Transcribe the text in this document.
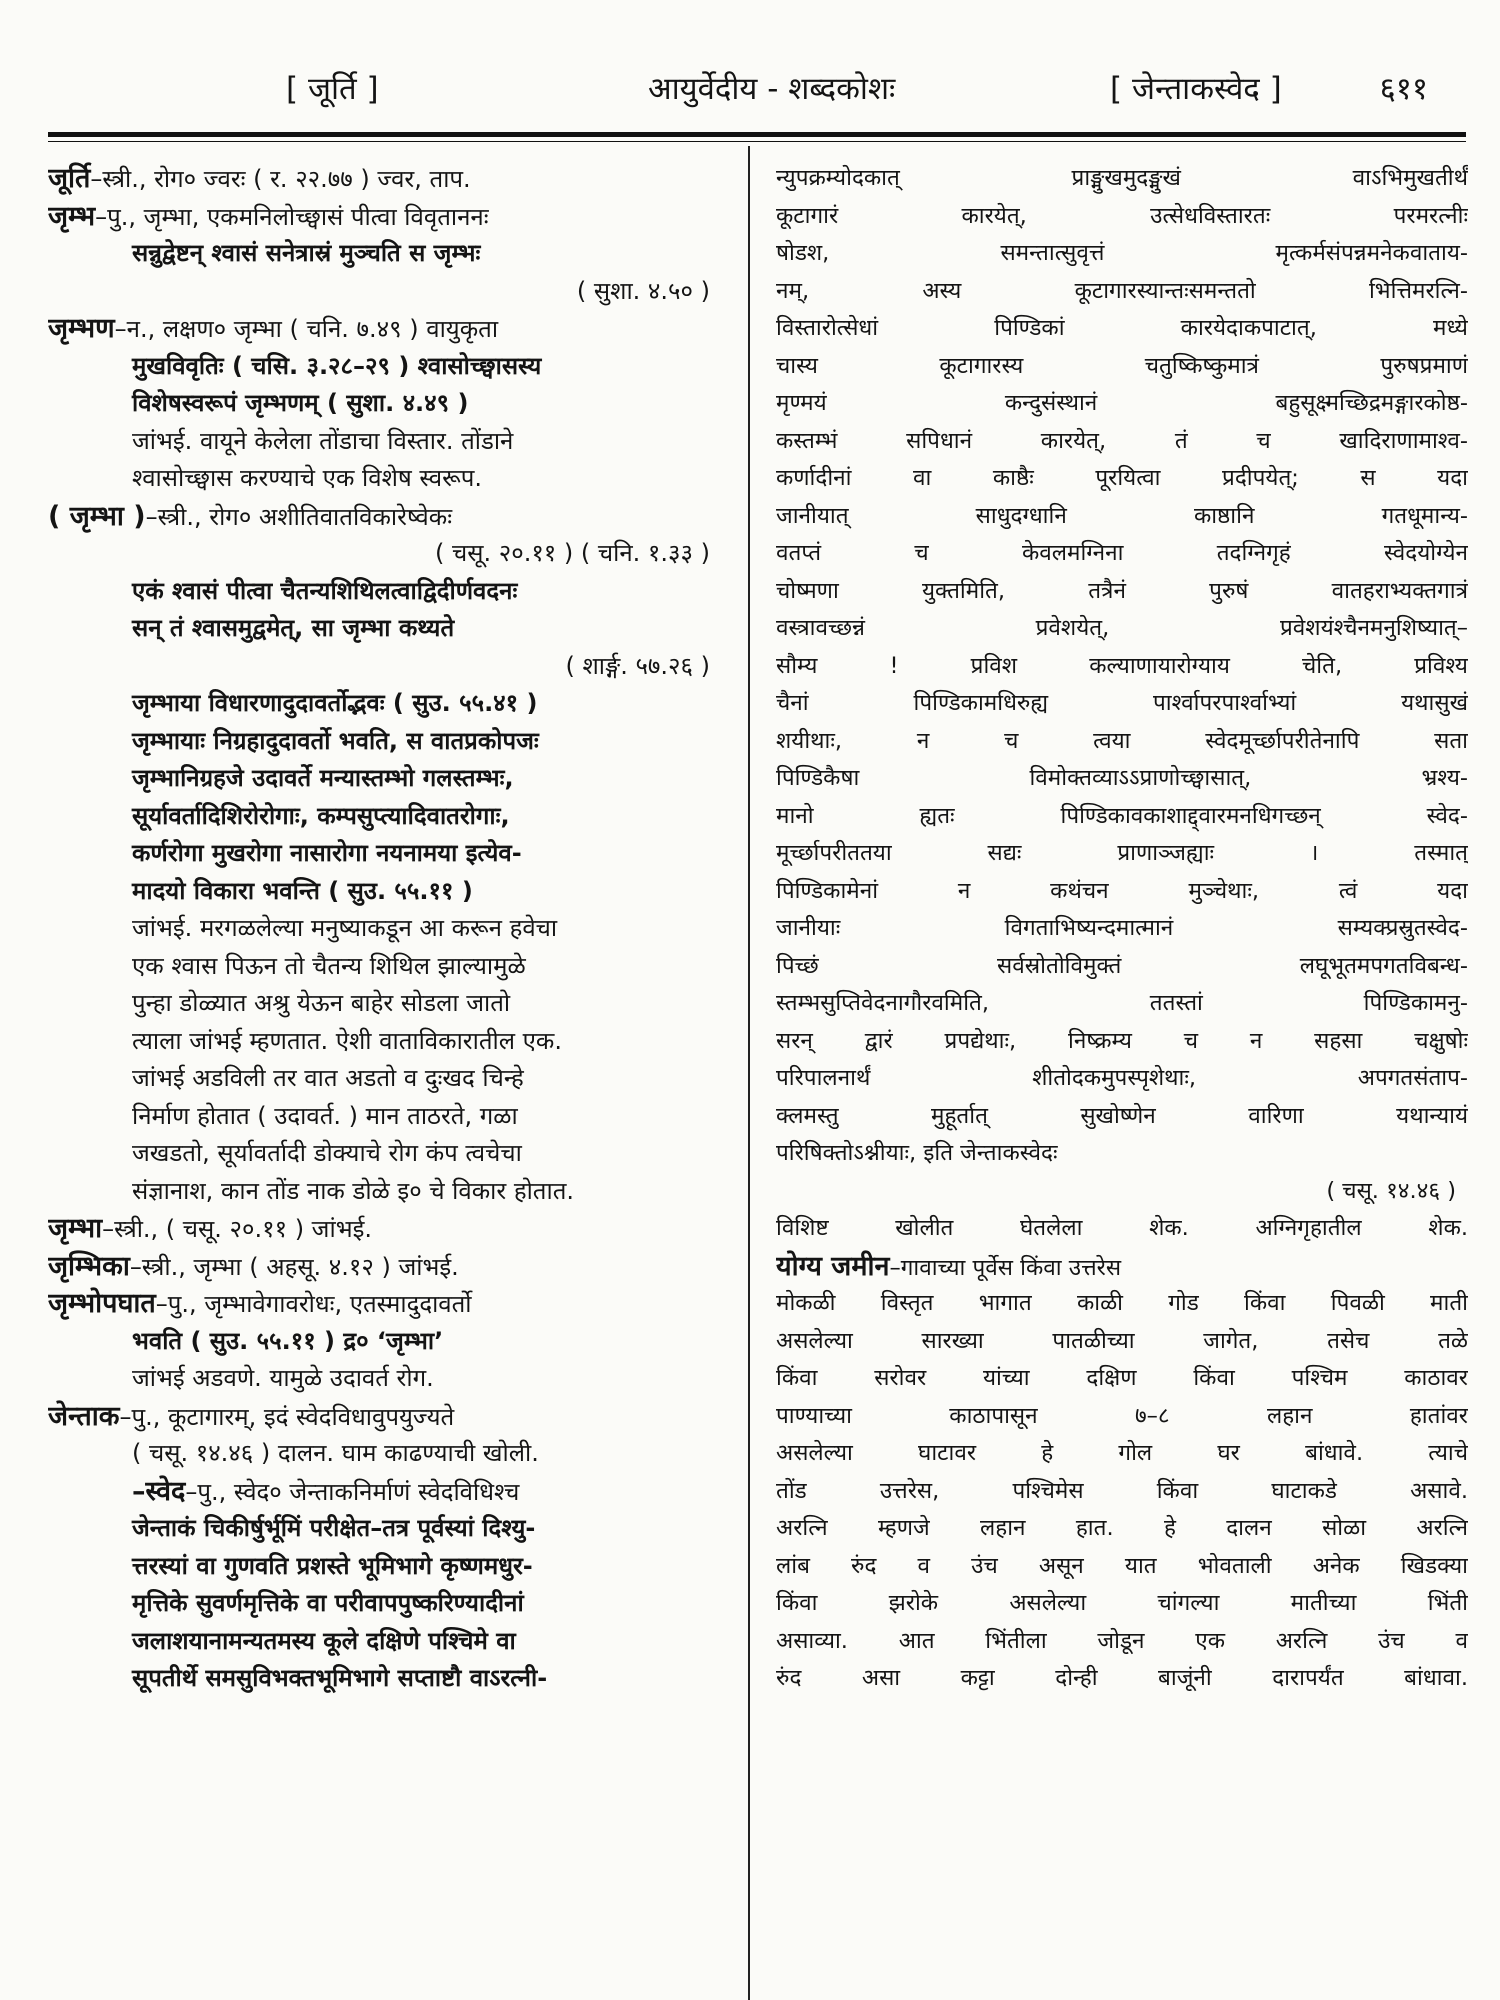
[ जूर्ति ]	आयुर्वेदीय - शब्दकोशः	[ जेन्ताकस्वेद ]	६११
जूर्ति–स्त्री., रोग० ज्वरः ( र. २२.७७ ) ज्वर, ताप.
जृम्भ–पु., जृम्भा, एकमनिलोच्छ्वासं पीत्वा विवृताननः
सन्नुद्वेष्टन् श्वासं सनेत्रास्रं मुञ्चति स जृम्भः
( सुशा. ४.५० )
जृम्भण–न., लक्षण० जृम्भा ( चनि. ७.४९ ) वायुकृता
मुखविवृतिः ( चसि. ३.२८–२९ ) श्वासोच्छ्वासस्य
विशेषस्वरूपं जृम्भणम् ( सुशा. ४.४९ )
जांभई. वायूने केलेला तोंडाचा विस्तार. तोंडाने
श्वासोच्छ्वास करण्याचे एक विशेष स्वरूप.
( जृम्भा )–स्त्री., रोग० अशीतिवातविकारेष्वेकः
( चसू. २०.११ ) ( चनि. १.३३ )
एकं श्वासं पीत्वा चैतन्यशिथिलत्वाद्विदीर्णवदनः
सन् तं श्वासमुद्वमेत्, सा जृम्भा कथ्यते
( शार्ङ्ग. ५७.२६ )
जृम्भाया विधारणादुदावर्तोद्भवः ( सुउ. ५५.४१ )
जृम्भायाः निग्रहादुदावर्तो भवति, स वातप्रकोपजः
जृम्भानिग्रहजे उदावर्ते मन्यास्तम्भो गलस्तम्भः,
सूर्यावर्तादिशिरोरोगाः, कम्पसुप्त्यादिवातरोगाः,
कर्णरोगा मुखरोगा नासारोगा नयनामया इत्येव-
मादयो विकारा भवन्ति ( सुउ. ५५.११ )
जांभई. मरगळलेल्या मनुष्याकडून आ करून हवेचा
एक श्वास पिऊन तो चैतन्य शिथिल झाल्यामुळे
पुन्हा डोळ्यात अश्रु येऊन बाहेर सोडला जातो
त्याला जांभई म्हणतात. ऐशी वाताविकारातील एक.
जांभई अडविली तर वात अडतो व दुःखद चिन्हे
निर्माण होतात ( उदावर्त. ) मान ताठरते, गळा
जखडतो, सूर्यावर्तादी डोक्याचे रोग कंप त्वचेचा
संज्ञानाश, कान तोंड नाक डोळे इ० चे विकार होतात.
जृम्भा–स्त्री., ( चसू. २०.११ ) जांभई.
जृम्भिका–स्त्री., जृम्भा ( अहसू. ४.१२ ) जांभई.
जृम्भोपघात–पु., जृम्भावेगावरोधः, एतस्मादुदावर्तो
भवति ( सुउ. ५५.११ ) द्र० ‘जृम्भा’
जांभई अडवणे. यामुळे उदावर्त रोग.
जेन्ताक–पु., कूटागारम्, इदं स्वेदविधावुपयुज्यते
( चसू. १४.४६ ) दालन. घाम काढण्याची खोली.
–स्वेद–पु., स्वेद० जेन्ताकनिर्माणं स्वेदविधिश्च
जेन्ताकं चिकीर्षुर्भूमिं परीक्षेत–तत्र पूर्वस्यां दिश्यु-
त्तरस्यां वा गुणवति प्रशस्ते भूमिभागे कृष्णमधुर-
मृत्तिके सुवर्णमृत्तिके वा परीवापपुष्करिण्यादीनां
जलाशयानामन्यतमस्य कूले दक्षिणे पश्चिमे वा
सूपतीर्थे समसुविभक्तभूमिभागे सप्ताष्टौ वाऽरत्नी-
न्युपक्रम्योदकात् प्राङ्मुखमुदङ्मुखं वाऽभिमुखतीर्थं
कूटागारं कारयेत्, उत्सेधविस्तारतः परमरत्नीः
षोडश, समन्तात्सुवृत्तं मृत्कर्मसंपन्नमनेकवाताय-
नम्, अस्य कूटागारस्यान्तःसमन्ततो भित्तिमरत्नि-
विस्तारोत्सेधां पिण्डिकां कारयेदाकपाटात्, मध्ये
चास्य कूटागारस्य चतुष्किष्कुमात्रं पुरुषप्रमाणं
मृण्मयं कन्दुसंस्थानं बहुसूक्ष्मच्छिद्रमङ्गारकोष्ठ-
कस्तम्भं सपिधानं कारयेत्, तं च खादिराणामाश्व-
कर्णादीनां वा काष्ठैः पूरयित्वा प्रदीपयेत्; स यदा
जानीयात् साधुदग्धानि काष्ठानि गतधूमान्य-
वतप्तं च केवलमग्निना तदग्निगृहं स्वेदयोग्येन
चोष्मणा युक्तमिति, तत्रैनं पुरुषं वातहराभ्यक्तगात्रं
वस्त्रावच्छन्नं प्रवेशयेत्, प्रवेशयंश्चैनमनुशिष्यात्–
सौम्य ! प्रविश कल्याणायारोग्याय चेति, प्रविश्य
चैनां पिण्डिकामधिरुह्य पार्श्वापरपार्श्वाभ्यां यथासुखं
शयीथाः, न च त्वया स्वेदमूर्च्छापरीतेनापि सता
पिण्डिकैषा विमोक्तव्याऽऽप्राणोच्छ्वासात्, भ्रश्य-
मानो ह्यतः पिण्डिकावकाशाद्द्वारमनधिगच्छन् स्वेद-
मूर्च्छापरीततया सद्यः प्राणाञ्जह्याः । तस्मात्
पिण्डिकामेनां न कथंचन मुञ्चेथाः, त्वं यदा
जानीयाः विगताभिष्यन्दमात्मानं सम्यक्प्रस्रुतस्वेद-
पिच्छं सर्वस्रोतोविमुक्तं लघूभूतमपगतविबन्ध-
स्तम्भसुप्तिवेदनागौरवमिति, ततस्तां पिण्डिकामनु-
सरन् द्वारं प्रपद्येथाः, निष्क्रम्य च न सहसा चक्षुषोः
परिपालनार्थं शीतोदकमुपस्पृशेथाः, अपगतसंताप-
क्लमस्तु मुहूर्तात् सुखोष्णेन वारिणा यथान्यायं
परिषिक्तोऽश्नीयाः, इति जेन्ताकस्वेदः
( चसू. १४.४६ )
विशिष्ट खोलीत घेतलेला शेक. अग्निगृहातील शेक.
योग्य जमीन–गावाच्या पूर्वेस किंवा उत्तरेस
मोकळी विस्तृत भागात काळी गोड किंवा पिवळी माती
असलेल्या सारख्या पातळीच्या जागेत, तसेच तळे
किंवा सरोवर यांच्या दक्षिण किंवा पश्चिम काठावर
पाण्याच्या काठापासून ७–८ लहान हातांवर
असलेल्या घाटावर हे गोल घर बांधावे. त्याचे
तोंड उत्तरेस, पश्चिमेस किंवा घाटाकडे असावे.
अरत्नि म्हणजे लहान हात. हे दालन सोळा अरत्नि
लांब रुंद व उंच असून यात भोवताली अनेक खिडक्या
किंवा झरोके असलेल्या चांगल्या मातीच्या भिंती
असाव्या. आत भिंतीला जोडून एक अरत्नि उंच व
रुंद असा कट्टा दोन्ही बाजूंनी दारापर्यंत बांधावा.
